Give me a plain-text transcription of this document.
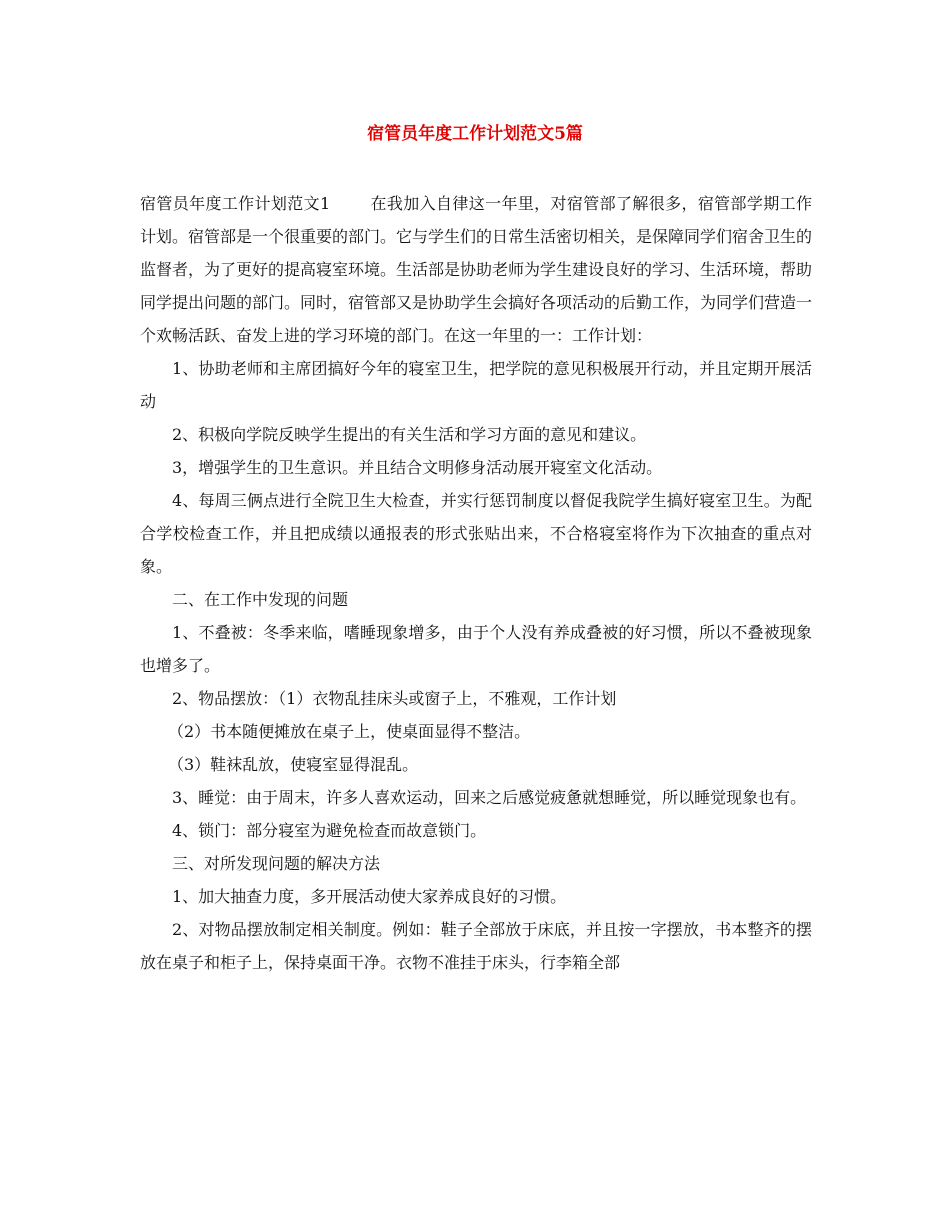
宿管员年度工作计划范文5篇

宿管员年度工作计划范文1	在我加入自律这一年里，对宿管部了解很多，宿管部学期工作计划。宿管部是一个很重要的部门。它与学生们的日常生活密切相关，是保障同学们宿舍卫生的监督者，为了更好的提高寝室环境。生活部是协助老师为学生建设良好的学习、生活环境，帮助同学提出问题的部门。同时，宿管部又是协助学生会搞好各项活动的后勤工作，为同学们营造一个欢畅活跃、奋发上进的学习环境的部门。在这一年里的一：工作计划：

1、协助老师和主席团搞好今年的寝室卫生，把学院的意见积极展开行动，并且定期开展活动

2、积极向学院反映学生提出的有关生活和学习方面的意见和建议。

3，增强学生的卫生意识。并且结合文明修身活动展开寝室文化活动。

4、每周三俩点进行全院卫生大检查，并实行惩罚制度以督促我院学生搞好寝室卫生。为配合学校检查工作，并且把成绩以通报表的形式张贴出来，不合格寝室将作为下次抽查的重点对象。

二、在工作中发现的问题

1、不叠被：冬季来临，嗜睡现象增多，由于个人没有养成叠被的好习惯，所以不叠被现象也增多了。

2、物品摆放：（1）衣物乱挂床头或窗子上，不雅观，工作计划

（2）书本随便摊放在桌子上，使桌面显得不整洁。

（3）鞋袜乱放，使寝室显得混乱。

3、睡觉：由于周末，许多人喜欢运动，回来之后感觉疲惫就想睡觉，所以睡觉现象也有。

4、锁门：部分寝室为避免检查而故意锁门。

三、对所发现问题的解决方法

1、加大抽查力度，多开展活动使大家养成良好的习惯。

2、对物品摆放制定相关制度。例如：鞋子全部放于床底，并且按一字摆放，书本整齐的摆放在桌子和柜子上，保持桌面干净。衣物不准挂于床头，行李箱全部
